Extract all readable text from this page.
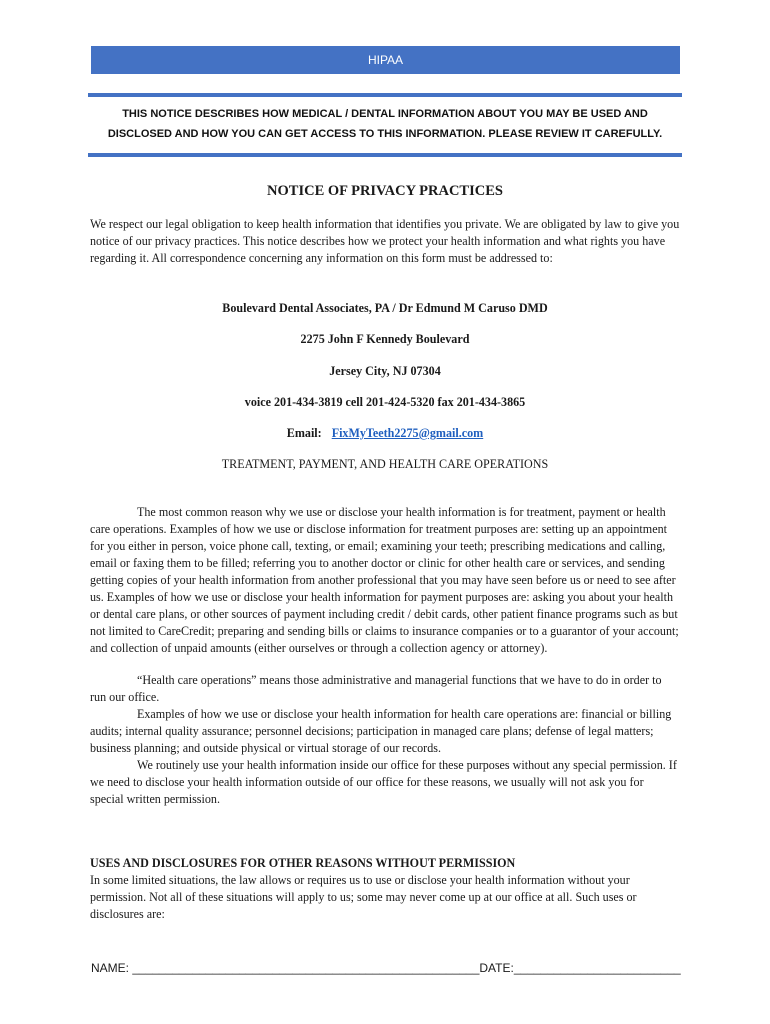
HIPAA
THIS NOTICE DESCRIBES HOW MEDICAL / DENTAL INFORMATION ABOUT YOU MAY BE USED AND
DISCLOSED AND HOW YOU CAN GET ACCESS TO THIS INFORMATION. PLEASE REVIEW IT CAREFULLY.
NOTICE OF PRIVACY PRACTICES
We respect our legal obligation to keep health information that identifies you private. We are obligated by law to give you notice of our privacy practices. This notice describes how we protect your health information and what rights you have regarding it. All correspondence concerning any information on this form must be addressed to:
Boulevard Dental Associates, PA / Dr Edmund M Caruso DMD
2275 John F Kennedy Boulevard
Jersey City, NJ 07304
voice 201-434-3819 cell 201-424-5320 fax 201-434-3865
Email: FixMyTeeth2275@gmail.com
TREATMENT, PAYMENT, AND HEALTH CARE OPERATIONS
The most common reason why we use or disclose your health information is for treatment, payment or health care operations. Examples of how we use or disclose information for treatment purposes are: setting up an appointment for you either in person, voice phone call, texting, or email; examining your teeth; prescribing medications and calling, email or faxing them to be filled; referring you to another doctor or clinic for other health care or services, and sending getting copies of your health information from another professional that you may have seen before us or need to see after us. Examples of how we use or disclose your health information for payment purposes are: asking you about your health or dental care plans, or other sources of payment including credit / debit cards, other patient finance programs such as but not limited to CareCredit; preparing and sending bills or claims to insurance companies or to a guarantor of your account; and collection of unpaid amounts (either ourselves or through a collection agency or attorney).
“Health care operations” means those administrative and managerial functions that we have to do in order to run our office.
Examples of how we use or disclose your health information for health care operations are: financial or billing audits; internal quality assurance; personnel decisions; participation in managed care plans; defense of legal matters; business planning; and outside physical or virtual storage of our records.
We routinely use your health information inside our office for these purposes without any special permission. If we need to disclose your health information outside of our office for these reasons, we usually will not ask you for special written permission.
USES AND DISCLOSURES FOR OTHER REASONS WITHOUT PERMISSION
In some limited situations, the law allows or requires us to use or disclose your health information without your permission. Not all of these situations will apply to us; some may never come up at our office at all. Such uses or disclosures are:
NAME: ____________________________________________________DATE:_________________________
